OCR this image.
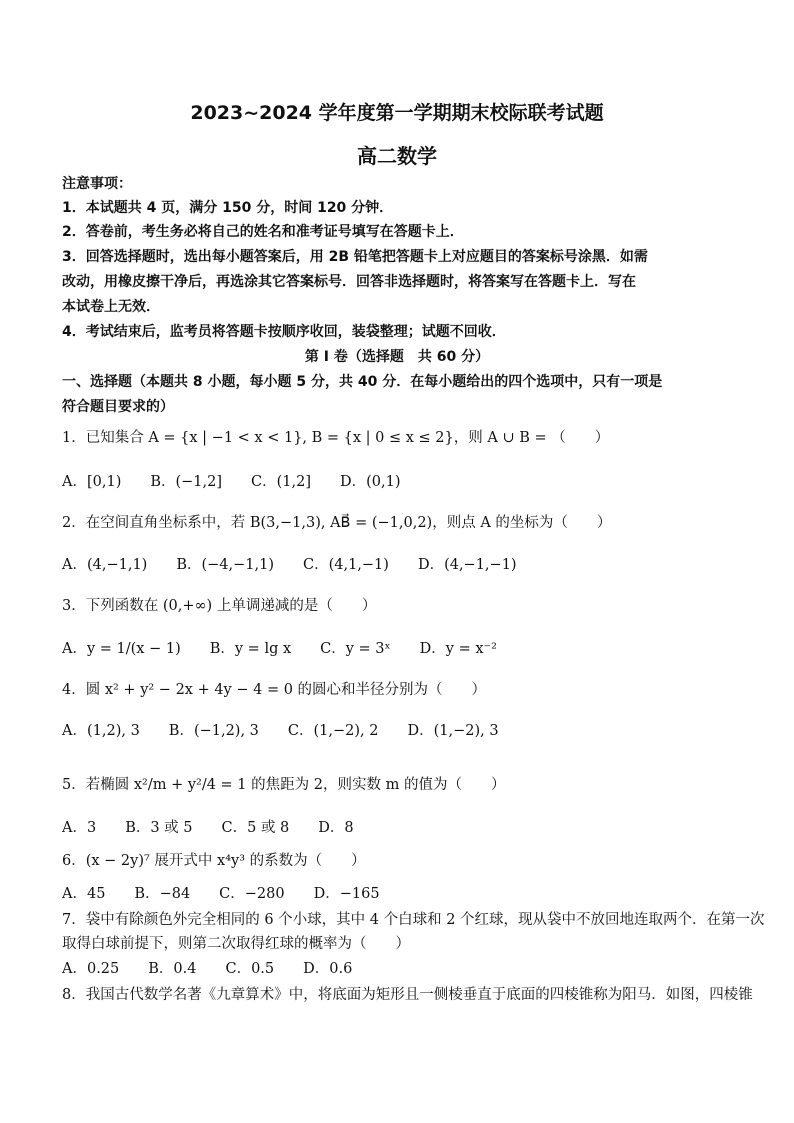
2023~2024 学年度第一学期期末校际联考试题
高二数学
注意事项：
1．本试题共 4 页，满分 150 分，时间 120 分钟．
2．答卷前，考生务必将自己的姓名和准考证号填写在答题卡上．
3．回答选择题时，选出每小题答案后，用 2B 铅笔把答题卡上对应题目的答案标号涂黑．如需
改动，用橡皮擦干净后，再选涂其它答案标号．回答非选择题时，将答案写在答题卡上．写在
本试卷上无效．
4．考试结束后，监考员将答题卡按顺序收回，装袋整理；试题不回收．
第 I 卷（选择题　共 60 分）
一、选择题（本题共 8 小题，每小题 5 分，共 40 分．在每小题给出的四个选项中，只有一项是
符合题目要求的）
1．已知集合 A = {x | −1 < x < 1}, B = {x | 0 ≤ x ≤ 2}，则 A ∪ B = （　　）
A．[0,1)　　B．(−1,2]　　C．(1,2]　　D．(0,1)
2．在空间直角坐标系中，若 B(3,−1,3), AB⃗ = (−1,0,2)，则点 A 的坐标为（　　）
A．(4,−1,1)　　B．(−4,−1,1)　　C．(4,1,−1)　　D．(4,−1,−1)
3．下列函数在 (0,+∞) 上单调递减的是（　　）
A．y = 1/(x − 1)　　B．y = lg x　　C．y = 3ˣ　　D．y = x⁻²
4．圆 x² + y² − 2x + 4y − 4 = 0 的圆心和半径分别为（　　）
A．(1,2), 3　　B．(−1,2), 3　　C．(1,−2), 2　　D．(1,−2), 3
5．若椭圆 x²/m + y²/4 = 1 的焦距为 2，则实数 m 的值为（　　）
A．3　　B．3 或 5　　C．5 或 8　　D．8
6．(x − 2y)⁷ 展开式中 x⁴y³ 的系数为（　　）
A．45　　B．−84　　C．−280　　D．−165
7．袋中有除颜色外完全相同的 6 个小球，其中 4 个白球和 2 个红球，现从袋中不放回地连取两个．在第一次
取得白球前提下，则第二次取得红球的概率为（　　）
A．0.25　　B．0.4　　C．0.5　　D．0.6
8．我国古代数学名著《九章算术》中，将底面为矩形且一侧棱垂直于底面的四棱锥称为阳马．如图，四棱锥
